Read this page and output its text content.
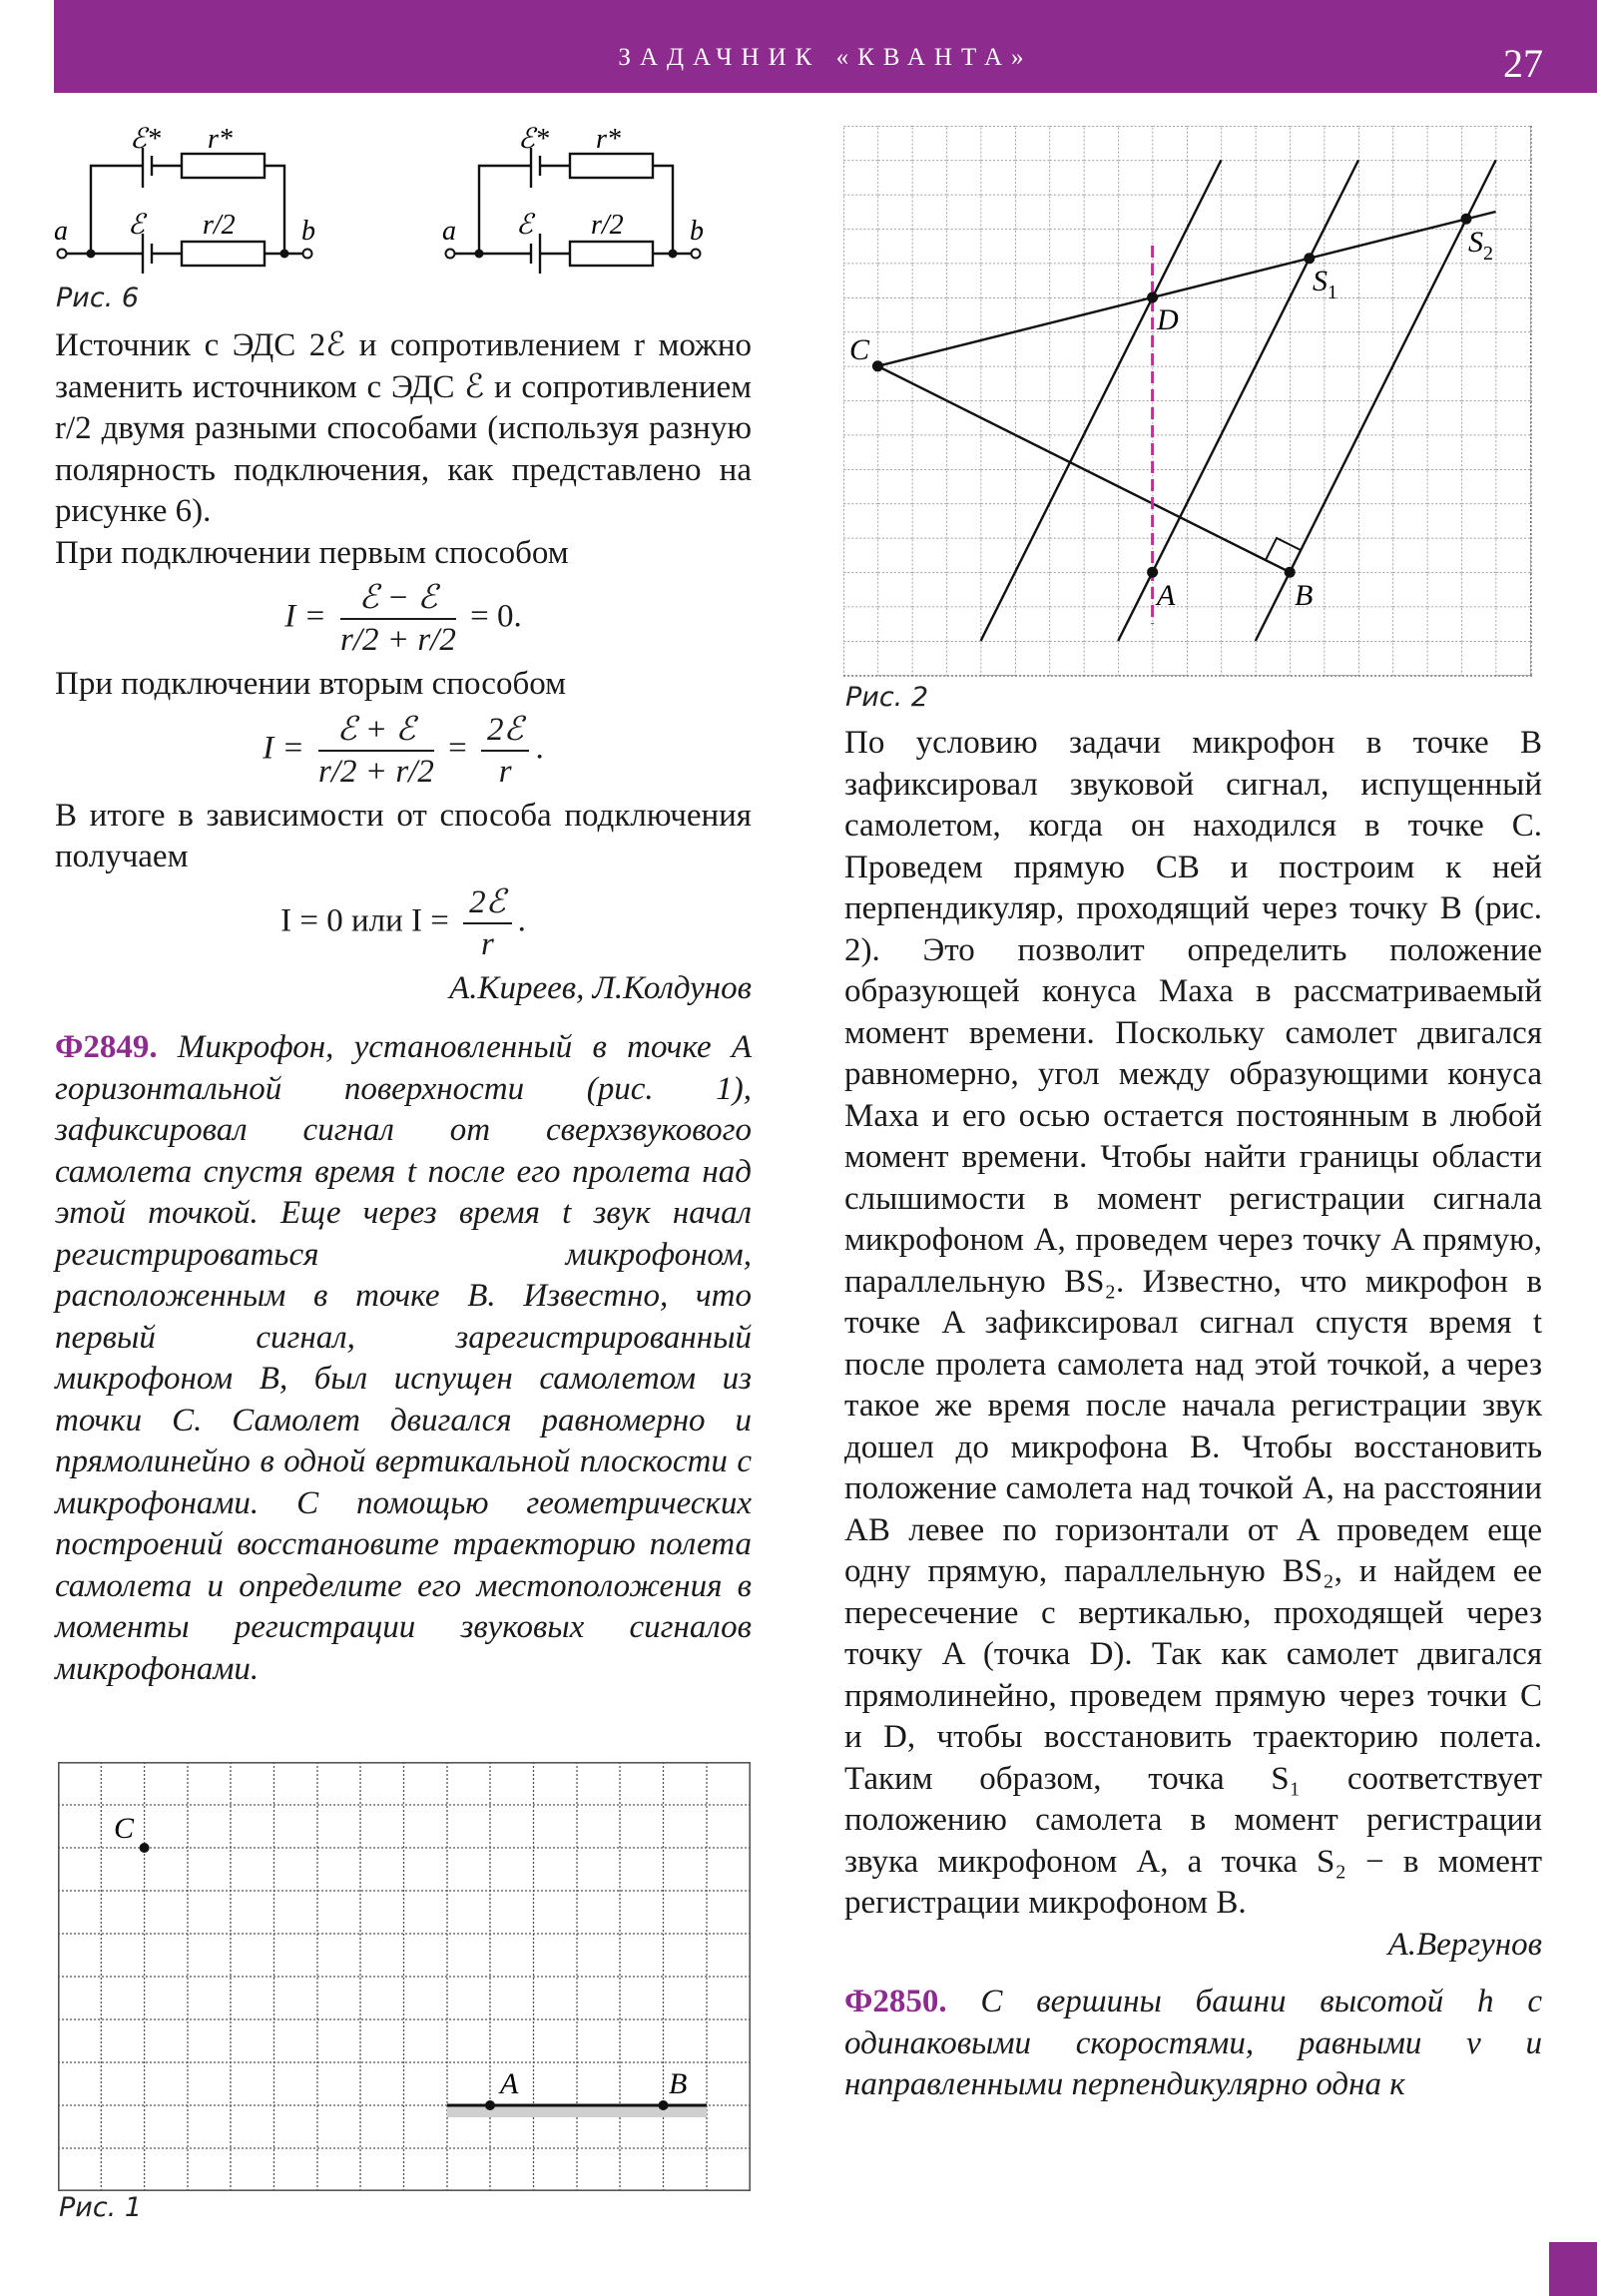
ЗАДАЧНИК «КВАНТА»	27
ℰ* r*
ℰ r/2
a	b
ℰ* r*
ℰ r/2
a	b
Рис. 6

Источник с ЭДС 2ℰ и сопротивлением r можно заменить источником с ЭДС ℰ и сопротивлением r/2 двумя разными способами (используя разную полярность подключения, как представлено на рисунке 6).

При подключении первым способом

$I = \frac{\text{ℰ − ℰ}}{r/2 + r/2} = 0$.

При подключении вторым способом

$I = \frac{\text{ℰ + ℰ}}{r/2 + r/2} = \frac{\text{2ℰ}}{r}$ .

В итоге в зависимости от способа подключения получаем

I = 0 или $I = \frac{\text{2ℰ}}{r}$ .

А.Киреев, Л.Колдунов

Ф2849. Микрофон, установленный в точке A горизонтальной поверхности (рис. 1), зафиксировал сигнал от сверхзвукового самолета спустя время t после его пролета над этой точкой. Еще через время t звук начал регистрироваться микрофоном, расположенным в точке B. Известно, что первый сигнал, зарегистрированный микрофоном B, был испущен самолетом из точки C. Самолет двигался равномерно и прямолинейно в одной вертикальной плоскости с микрофонами. С помощью геометрических построений восстановите траекторию полета самолета и определите его местоположения в моменты регистрации звуковых сигналов микрофонами.

C
A	B
Рис. 1
C
D
$S_1$
$S_2$
A	B
Рис. 2

По условию задачи микрофон в точке B зафиксировал звуковой сигнал, испущенный самолетом, когда он находился в точке C. Проведем прямую CB и построим к ней перпендикуляр, проходящий через точку B (рис. 2). Это позволит определить положение образующей конуса Маха в рассматриваемый момент времени. Поскольку самолет двигался равномерно, угол между образующими конуса Маха и его осью остается постоянным в любой момент времени. Чтобы найти границы области слышимости в момент регистрации сигнала микрофоном A, проведем через точку A прямую, параллельную BS₂. Известно, что микрофон в точке A зафиксировал сигнал спустя время t после пролета самолета над этой точкой, а через такое же время после начала регистрации звук дошел до микрофона B. Чтобы восстановить положение самолета над точкой A, на расстоянии AB левее по горизонтали от A проведем еще одну прямую, параллельную BS₂, и найдем ее пересечение с вертикалью, проходящей через точку A (точка D). Так как самолет двигался прямолинейно, проведем прямую через точки C и D, чтобы восстановить траекторию полета. Таким образом, точка S₁ соответствует положению самолета в момент регистрации звука микрофоном A, а точка S₂ − в момент регистрации микрофоном B.

А.Вергунов

Ф2850. С вершины башни высотой h с одинаковыми скоростями, равными v и направленными перпендикулярно одна к
